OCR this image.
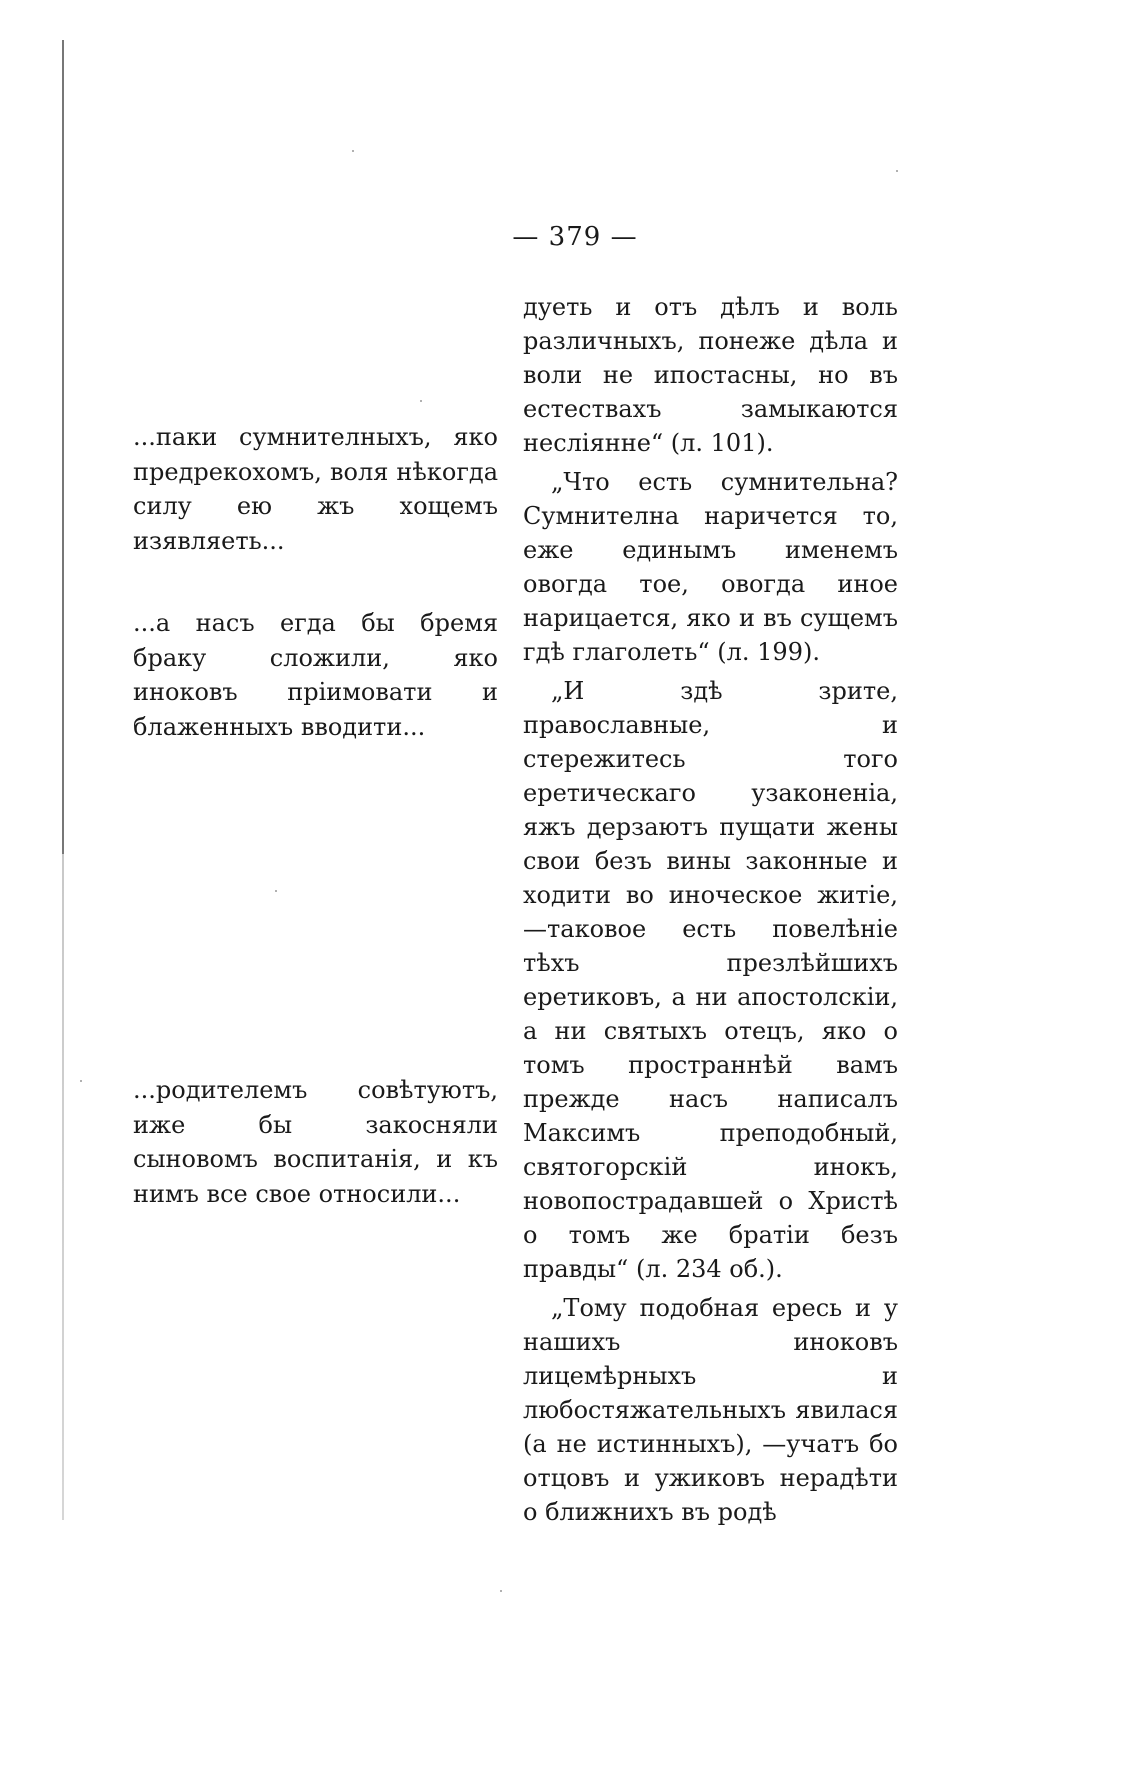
— 379 —

...паки сумнителныхъ, яко предрекохомъ, воля нѣкогда силу ею жъ хощемъ изявляеть...

...а насъ егда бы бремя браку сложили, яко иноковъ пріимовати и блаженныхъ вводити...

...родителемъ совѣтуютъ, иже бы закосняли сыновомъ воспитанія, и къ нимъ все свое относили...

дуеть и отъ дѣлъ и воль различныхъ, понеже дѣла и воли не ипостасны, но въ естествахъ замыкаются неслiянне“ (л. 101).

„Что есть сумнительна? Сумнителна наричется то, еже единымъ именемъ овогда тое, овогда иное нарицается, яко и въ сущемъ гдѣ глаголеть“ (л. 199).

„И здѣ зрите, православные, и стережитесь того еретическаго узаконенiа, яжъ дерзаютъ пущати жены свои безъ вины законные и ходити во иноческое житiе,—таковое есть повелѣнiе тѣхъ презлѣйшихъ еретиковъ, а ни апостолскiи, а ни святыхъ отецъ, яко о томъ пространнѣй вамъ прежде насъ написалъ Максимъ преподобный, святогорскiй инокъ, новопострадавшей о Христѣ о томъ же братiи безъ правды“ (л. 234 об.).

„Тому подобная ересь и у нашихъ иноковъ лицемѣрныхъ и любостяжательныхъ явилася (а не истинныхъ), —учатъ бо отцовъ и ужиковъ нерадѣти о ближнихъ въ родѣ
